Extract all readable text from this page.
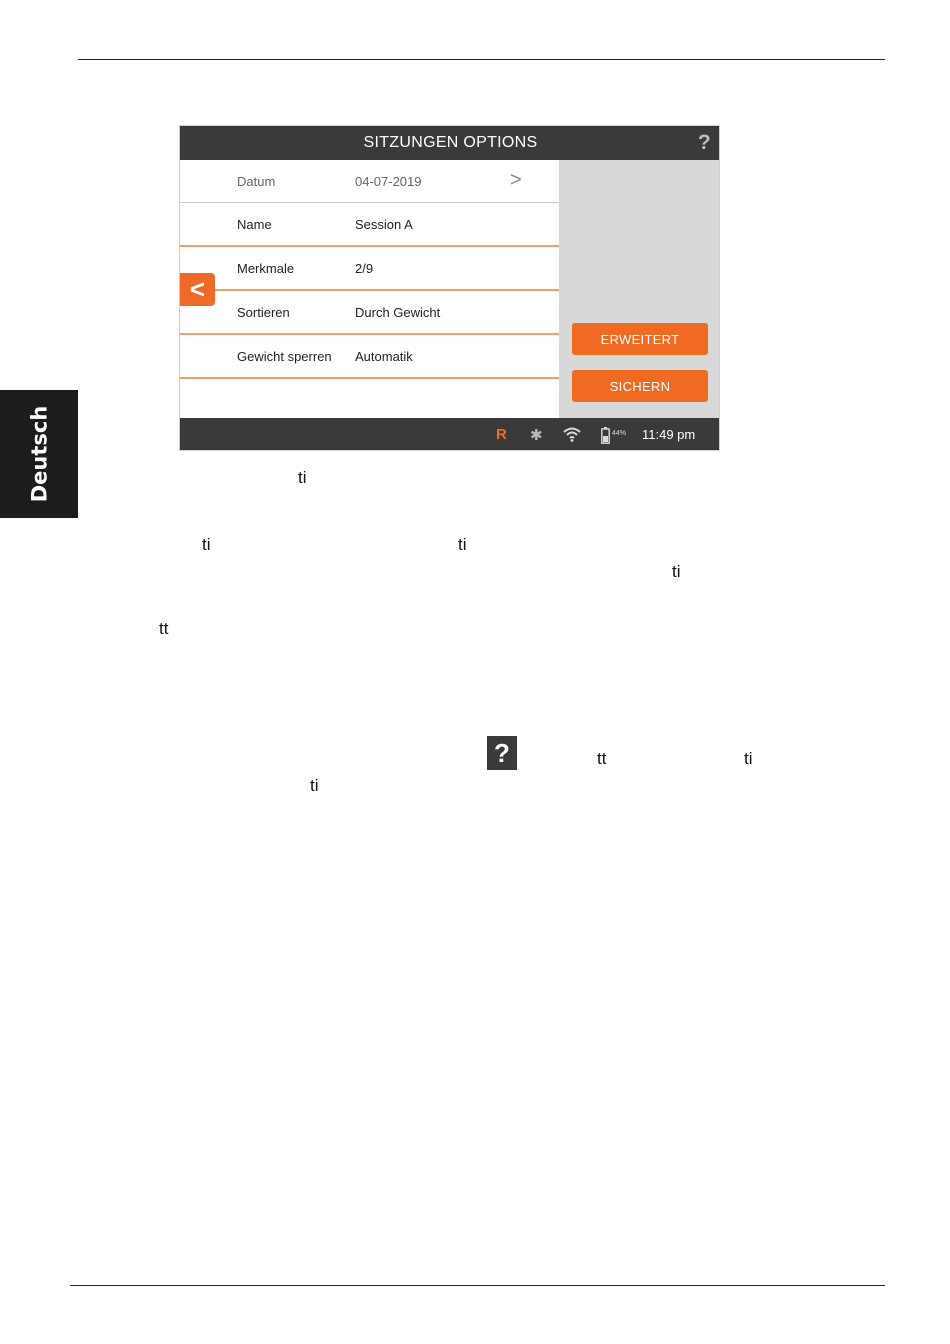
Deutsch
SITZUNGEN OPTIONS	?
Datum	04-07-2019	>
Name	Session A
Merkmale	2/9
Sortieren	Durch Gewicht
Gewicht sperren Automatik
<
ERWEITERT
SICHERN
R ✱	44% 11:49 pm
ti
ti	ti
ti
tt
?	tt	ti
ti
